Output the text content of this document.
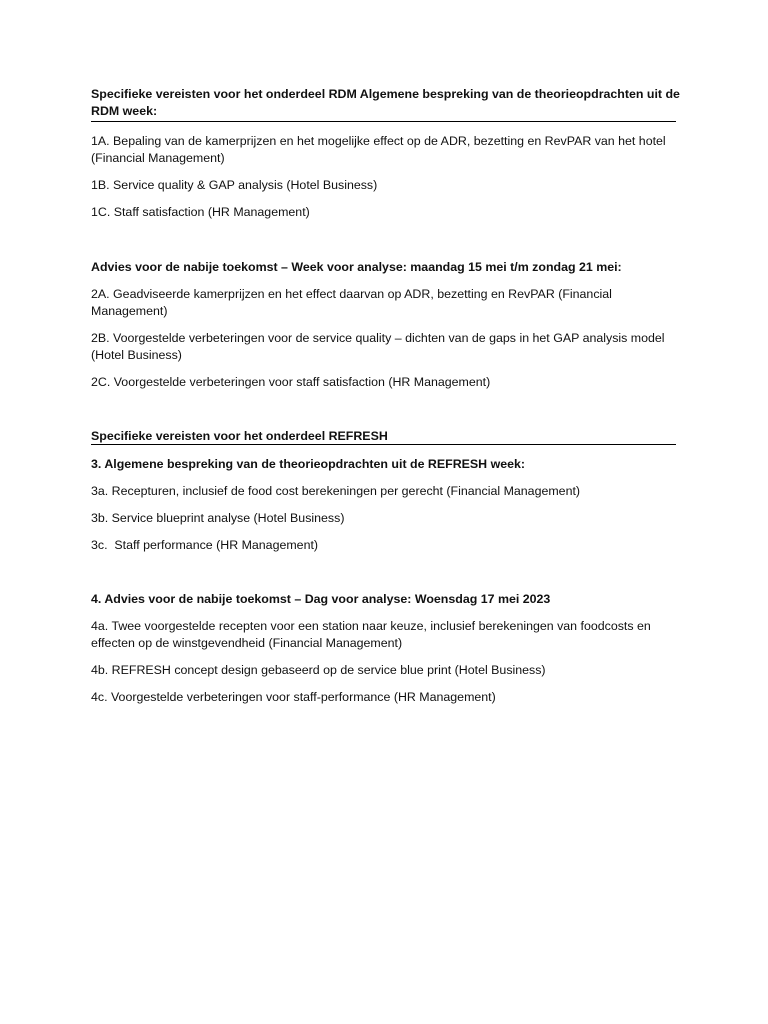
Specifieke vereisten voor het onderdeel RDM Algemene bespreking van de theorieopdrachten uit de RDM week:

1A. Bepaling van de kamerprijzen en het mogelijke effect op de ADR, bezetting en RevPAR van het hotel (Financial Management)

1B. Service quality & GAP analysis (Hotel Business)

1C. Staff satisfaction (HR Management)

Advies voor de nabije toekomst – Week voor analyse: maandag 15 mei t/m zondag 21 mei:

2A. Geadviseerde kamerprijzen en het effect daarvan op ADR, bezetting en RevPAR (Financial Management)

2B. Voorgestelde verbeteringen voor de service quality – dichten van de gaps in het GAP analysis model (Hotel Business)

2C. Voorgestelde verbeteringen voor staff satisfaction (HR Management)

Specifieke vereisten voor het onderdeel REFRESH

3. Algemene bespreking van de theorieopdrachten uit de REFRESH week:

3a. Recepturen, inclusief de food cost berekeningen per gerecht (Financial Management)

3b. Service blueprint analyse (Hotel Business)

3c.  Staff performance (HR Management)

4. Advies voor de nabije toekomst – Dag voor analyse: Woensdag 17 mei 2023

4a. Twee voorgestelde recepten voor een station naar keuze, inclusief berekeningen van foodcosts en effecten op de winstgevendheid (Financial Management)

4b. REFRESH concept design gebaseerd op de service blue print (Hotel Business)

4c. Voorgestelde verbeteringen voor staff-performance (HR Management)
